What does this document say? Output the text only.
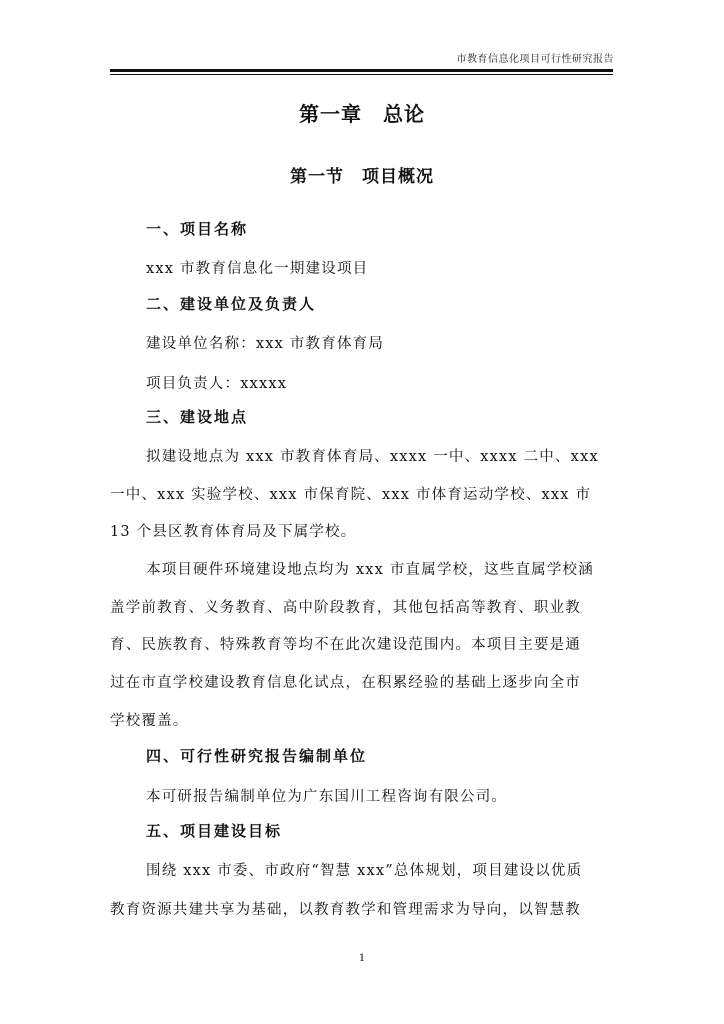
市教育信息化项目可行性研究报告
第一章　总论
第一节　项目概况
一、项目名称
xxx 市教育信息化一期建设项目
二、建设单位及负责人
建设单位名称：xxx 市教育体育局
项目负责人：xxxxx
三、建设地点
拟建设地点为 xxx 市教育体育局、xxxx 一中、xxxx 二中、xxx
一中、xxx 实验学校、xxx 市保育院、xxx 市体育运动学校、xxx 市
13 个县区教育体育局及下属学校。
本项目硬件环境建设地点均为 xxx 市直属学校，这些直属学校涵
盖学前教育、义务教育、高中阶段教育，其他包括高等教育、职业教
育、民族教育、特殊教育等均不在此次建设范围内。本项目主要是通
过在市直学校建设教育信息化试点，在积累经验的基础上逐步向全市
学校覆盖。
四、可行性研究报告编制单位
本可研报告编制单位为广东国川工程咨询有限公司。
五、项目建设目标
围绕 xxx 市委、市政府“智慧 xxx”总体规划，项目建设以优质
教育资源共建共享为基础，以教育教学和管理需求为导向，以智慧教
1
